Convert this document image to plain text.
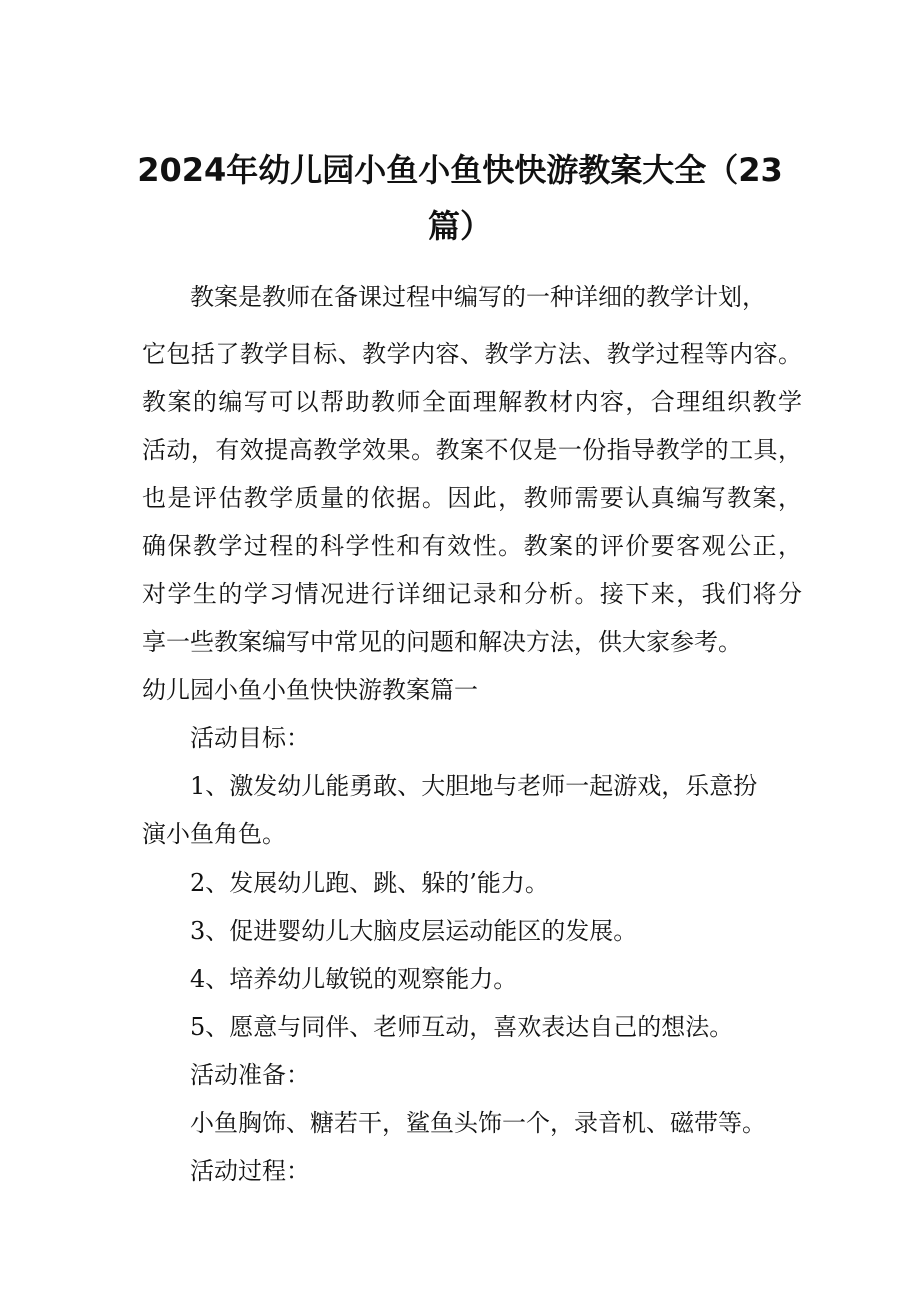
2024年幼儿园小鱼小鱼快快游教案大全（23篇）

教案是教师在备课过程中编写的一种详细的教学计划，

它包括了教学目标、教学内容、教学方法、教学过程等内容。

教案的编写可以帮助教师全面理解教材内容，合理组织教学

活动，有效提高教学效果。教案不仅是一份指导教学的工具，

也是评估教学质量的依据。因此，教师需要认真编写教案，

确保教学过程的科学性和有效性。教案的评价要客观公正，

对学生的学习情况进行详细记录和分析。接下来，我们将分

享一些教案编写中常见的问题和解决方法，供大家参考。

幼儿园小鱼小鱼快快游教案篇一

活动目标：

1、激发幼儿能勇敢、大胆地与老师一起游戏，乐意扮

演小鱼角色。

2、发展幼儿跑、跳、躲的’能力。

3、促进婴幼儿大脑皮层运动能区的发展。

4、培养幼儿敏锐的观察能力。

5、愿意与同伴、老师互动，喜欢表达自己的想法。

活动准备：

小鱼胸饰、糖若干，鲨鱼头饰一个，录音机、磁带等。

活动过程：
